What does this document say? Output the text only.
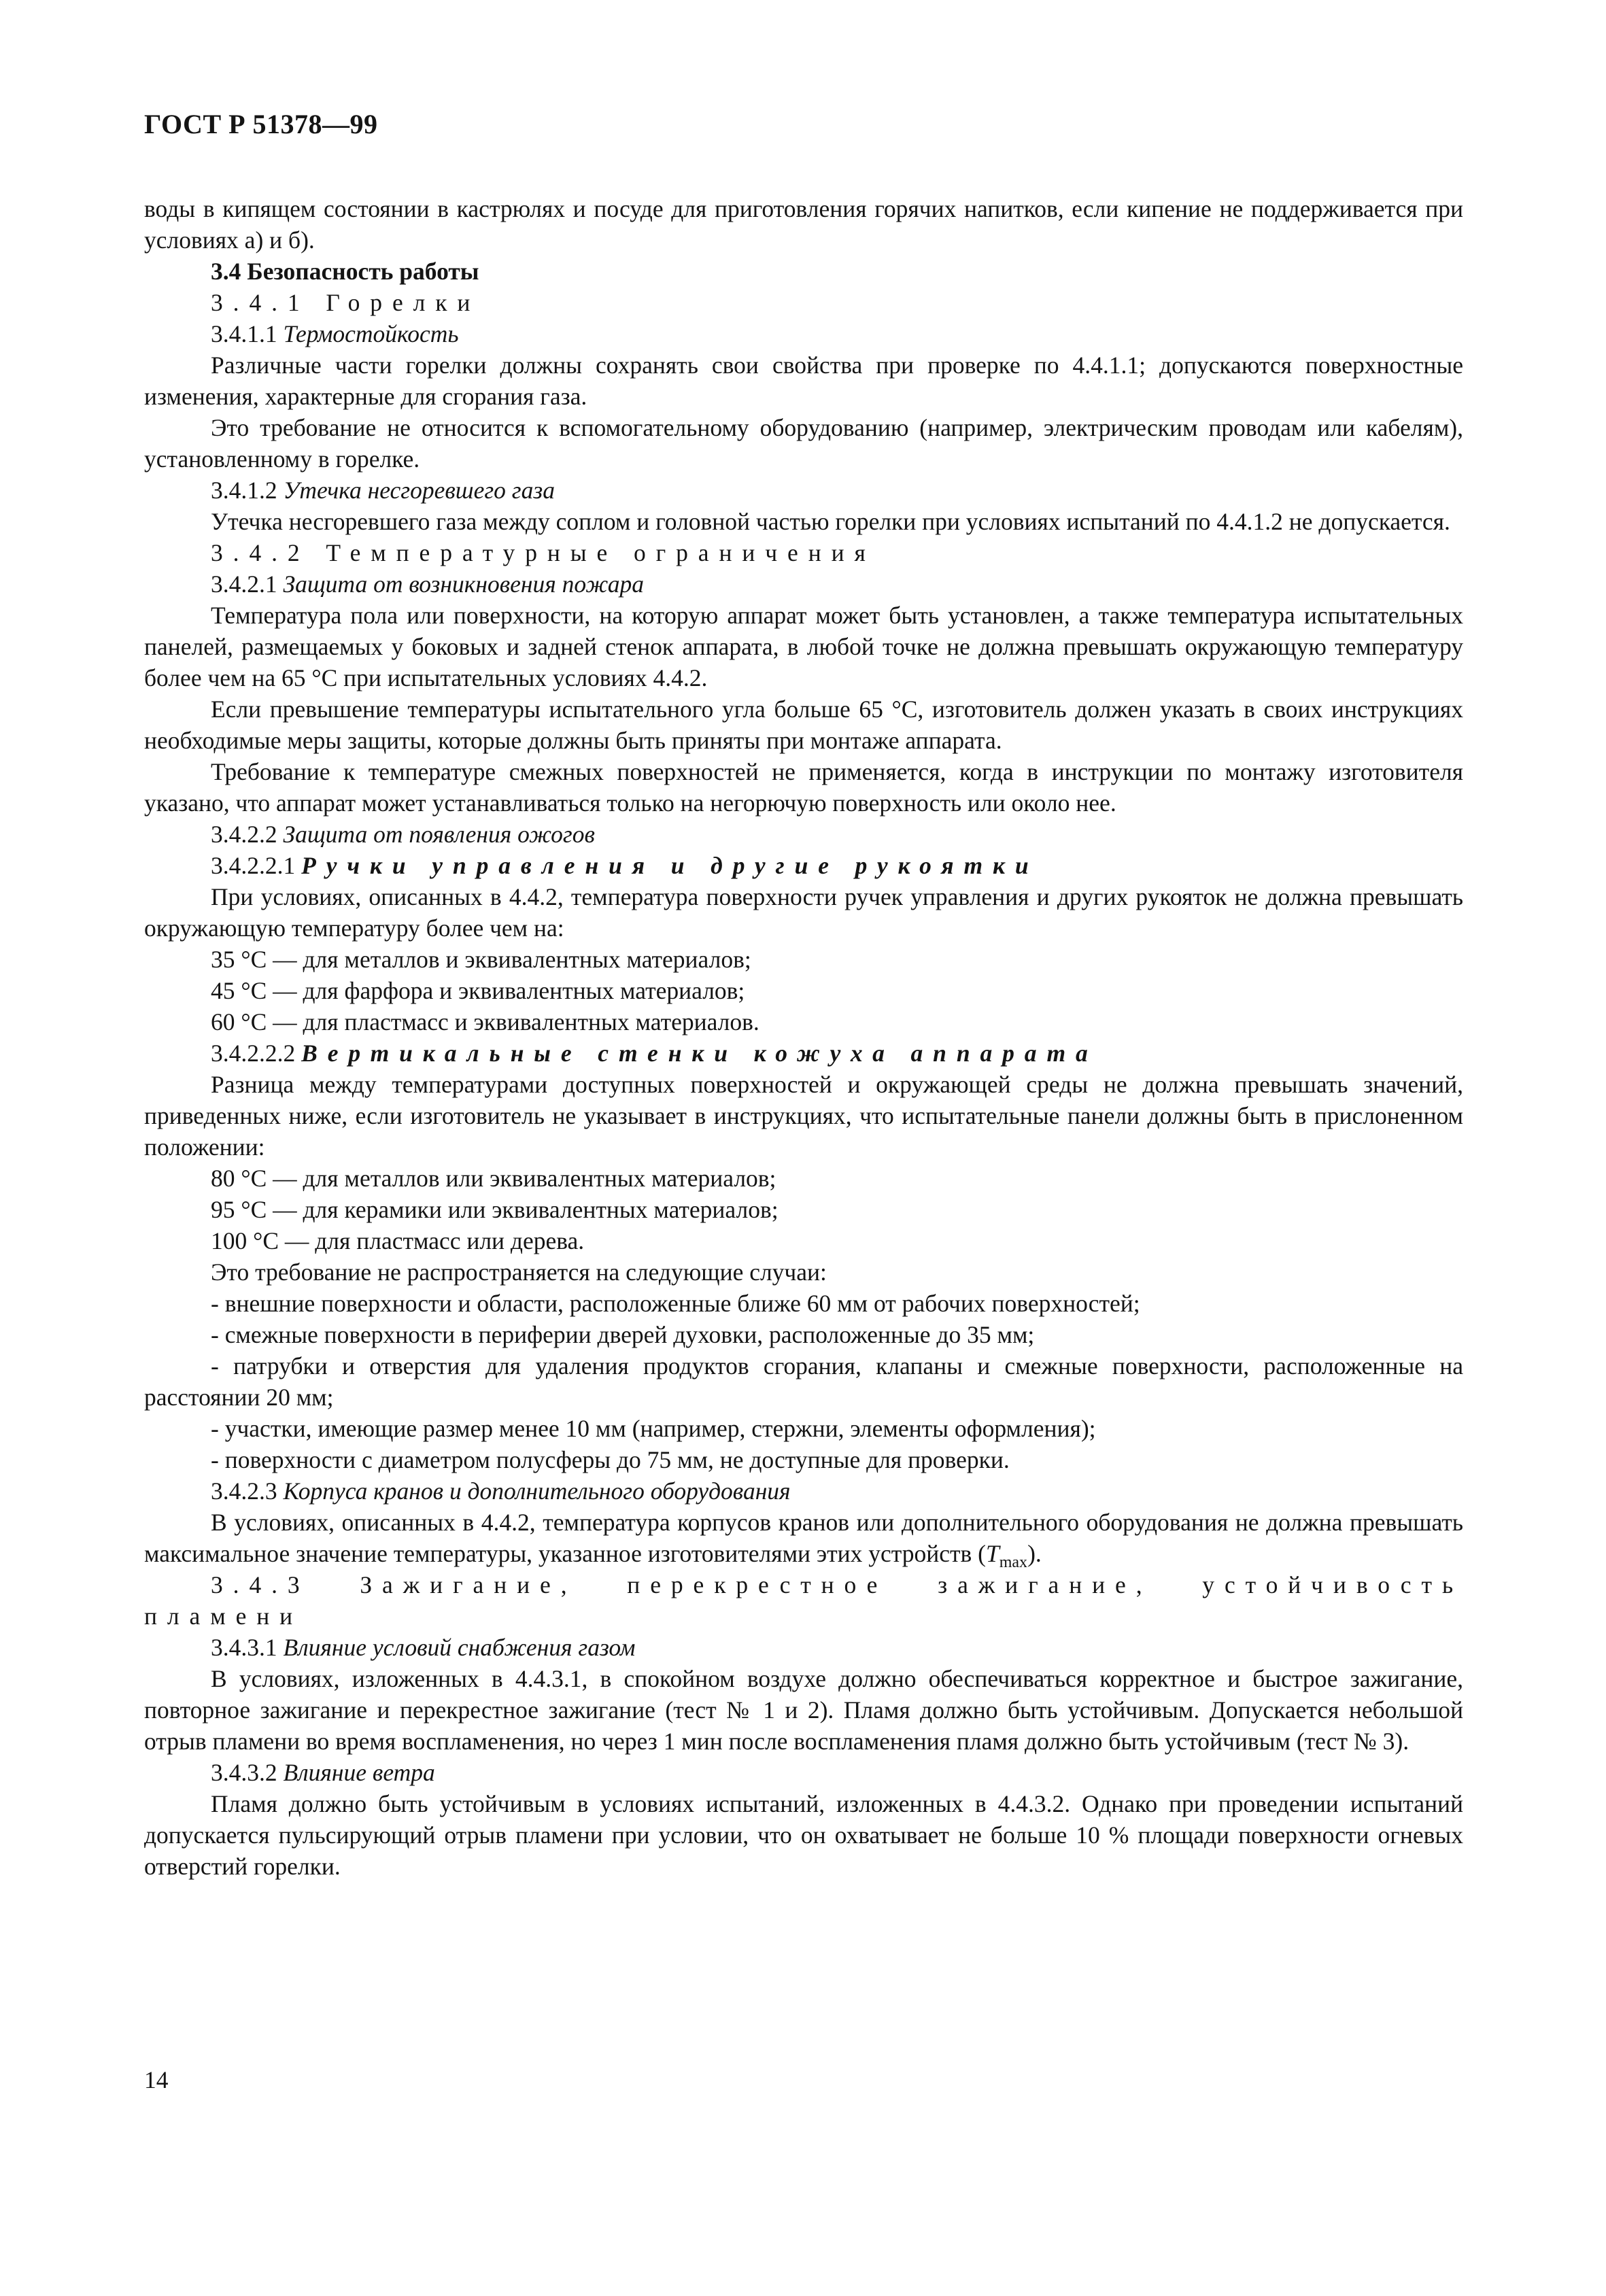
ГОСТ Р 51378—99
воды в кипящем состоянии в кастрюлях и посуде для приготовления горячих напитков, если кипение не поддерживается при условиях а) и б).
3.4 Безопасность работы
3.4.1 Горелки
3.4.1.1 Термостойкость
Различные части горелки должны сохранять свои свойства при проверке по 4.4.1.1; допускаются поверхностные изменения, характерные для сгорания газа.
Это требование не относится к вспомогательному оборудованию (например, электрическим проводам или кабелям), установленному в горелке.
3.4.1.2 Утечка несгоревшего газа
Утечка несгоревшего газа между соплом и головной частью горелки при условиях испытаний по 4.4.1.2 не допускается.
3.4.2 Температурные ограничения
3.4.2.1 Защита от возникновения пожара
Температура пола или поверхности, на которую аппарат может быть установлен, а также температура испытательных панелей, размещаемых у боковых и задней стенок аппарата, в любой точке не должна превышать окружающую температуру более чем на 65 °С при испытательных условиях 4.4.2.
Если превышение температуры испытательного угла больше 65 °С, изготовитель должен указать в своих инструкциях необходимые меры защиты, которые должны быть приняты при монтаже аппарата.
Требование к температуре смежных поверхностей не применяется, когда в инструкции по монтажу изготовителя указано, что аппарат может устанавливаться только на негорючую поверхность или около нее.
3.4.2.2 Защита от появления ожогов
3.4.2.2.1 Ручки управления и другие рукоятки
При условиях, описанных в 4.4.2, температура поверхности ручек управления и других рукояток не должна превышать окружающую температуру более чем на:
35 °С — для металлов и эквивалентных материалов;
45 °С — для фарфора и эквивалентных материалов;
60 °С — для пластмасс и эквивалентных материалов.
3.4.2.2.2 Вертикальные стенки кожуха аппарата
Разница между температурами доступных поверхностей и окружающей среды не должна превышать значений, приведенных ниже, если изготовитель не указывает в инструкциях, что испытательные панели должны быть в прислоненном положении:
80 °С — для металлов или эквивалентных материалов;
95 °С — для керамики или эквивалентных материалов;
100 °С — для пластмасс или дерева.
Это требование не распространяется на следующие случаи:
- внешние поверхности и области, расположенные ближе 60 мм от рабочих поверхностей;
- смежные поверхности в периферии дверей духовки, расположенные до 35 мм;
- патрубки и отверстия для удаления продуктов сгорания, клапаны и смежные поверхности, расположенные на расстоянии 20 мм;
- участки, имеющие размер менее 10 мм (например, стержни, элементы оформления);
- поверхности с диаметром полусферы до 75 мм, не доступные для проверки.
3.4.2.3 Корпуса кранов и дополнительного оборудования
В условиях, описанных в 4.4.2, температура корпусов кранов или дополнительного оборудования не должна превышать максимальное значение температуры, указанное изготовителями этих устройств $(T_{max})$.
3.4.3 Зажигание, перекрестное зажигание, устойчивость
пламени
3.4.3.1 Влияние условий снабжения газом
В условиях, изложенных в 4.4.3.1, в спокойном воздухе должно обеспечиваться корректное и быстрое зажигание, повторное зажигание и перекрестное зажигание (тест № 1 и 2). Пламя должно быть устойчивым. Допускается небольшой отрыв пламени во время воспламенения, но через 1 мин после воспламенения пламя должно быть устойчивым (тест № 3).
3.4.3.2 Влияние ветра
Пламя должно быть устойчивым в условиях испытаний, изложенных в 4.4.3.2. Однако при проведении испытаний допускается пульсирующий отрыв пламени при условии, что он охватывает не больше 10 % площади поверхности огневых отверстий горелки.
14
